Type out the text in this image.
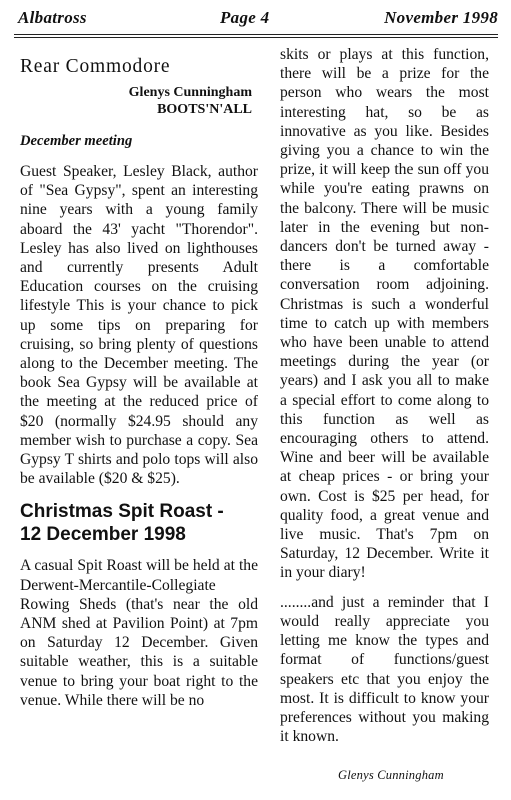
Albatross	Page 4	November 1998
Rear Commodore
Glenys Cunningham
BOOTS'N'ALL
December meeting

Guest Speaker, Lesley Black, author of "Sea Gypsy", spent an interesting nine years with a young family aboard the 43' yacht "Thorendor". Lesley has also lived on lighthouses and currently presents Adult Education courses on the cruising lifestyle This is your chance to pick up some tips on preparing for cruising, so bring plenty of questions along to the December meeting. The book Sea Gypsy will be available at the meeting at the reduced price of $20 (normally $24.95 should any member wish to purchase a copy. Sea Gypsy T shirts and polo tops will also be available ($20 & $25).

Christmas Spit Roast -
12 December 1998

A casual Spit Roast will be held at the Derwent-Mercantile-Collegiate Rowing Sheds (that's near the old ANM shed at Pavilion Point) at 7pm on Saturday 12 December. Given suitable weather, this is a suitable venue to bring your boat right to the venue. While there will be no

skits or plays at this function, there will be a prize for the person who wears the most interesting hat, so be as innovative as you like. Besides giving you a chance to win the prize, it will keep the sun off you while you're eating prawns on the balcony. There will be music later in the evening but non-dancers don't be turned away - there is a comfortable conversation room adjoining. Christmas is such a wonderful time to catch up with members who have been unable to attend meetings during the year (or years) and I ask you all to make a special effort to come along to this function as well as encouraging others to attend. Wine and beer will be available at cheap prices - or bring your own. Cost is $25 per head, for quality food, a great venue and live music. That's 7pm on Saturday, 12 December. Write it in your diary!

........and just a reminder that I would really appreciate you letting me know the types and format of functions/guest speakers etc that you enjoy the most. It is difficult to know your preferences without you making it known.

Glenys Cunningham
